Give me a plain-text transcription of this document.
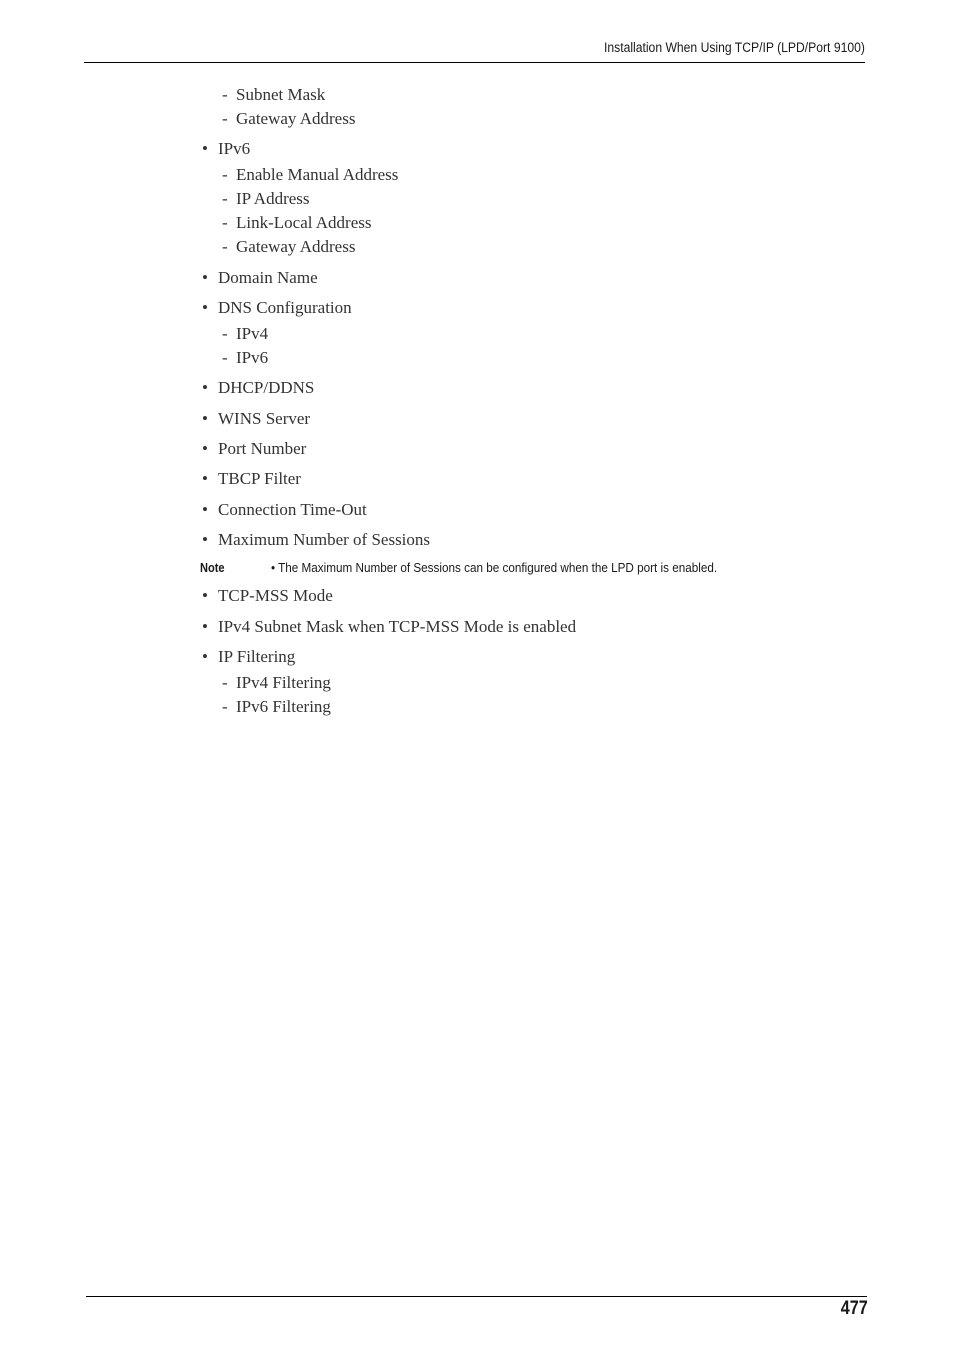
Installation When Using TCP/IP (LPD/Port 9100)
- Subnet Mask
- Gateway Address
• IPv6
- Enable Manual Address
- IP Address
- Link-Local Address
- Gateway Address
• Domain Name
• DNS Configuration
- IPv4
- IPv6
• DHCP/DDNS
• WINS Server
• Port Number
• TBCP Filter
• Connection Time-Out
• Maximum Number of Sessions
Note	• The Maximum Number of Sessions can be configured when the LPD port is enabled.
• TCP-MSS Mode
• IPv4 Subnet Mask when TCP-MSS Mode is enabled
• IP Filtering
- IPv4 Filtering
- IPv6 Filtering
477
